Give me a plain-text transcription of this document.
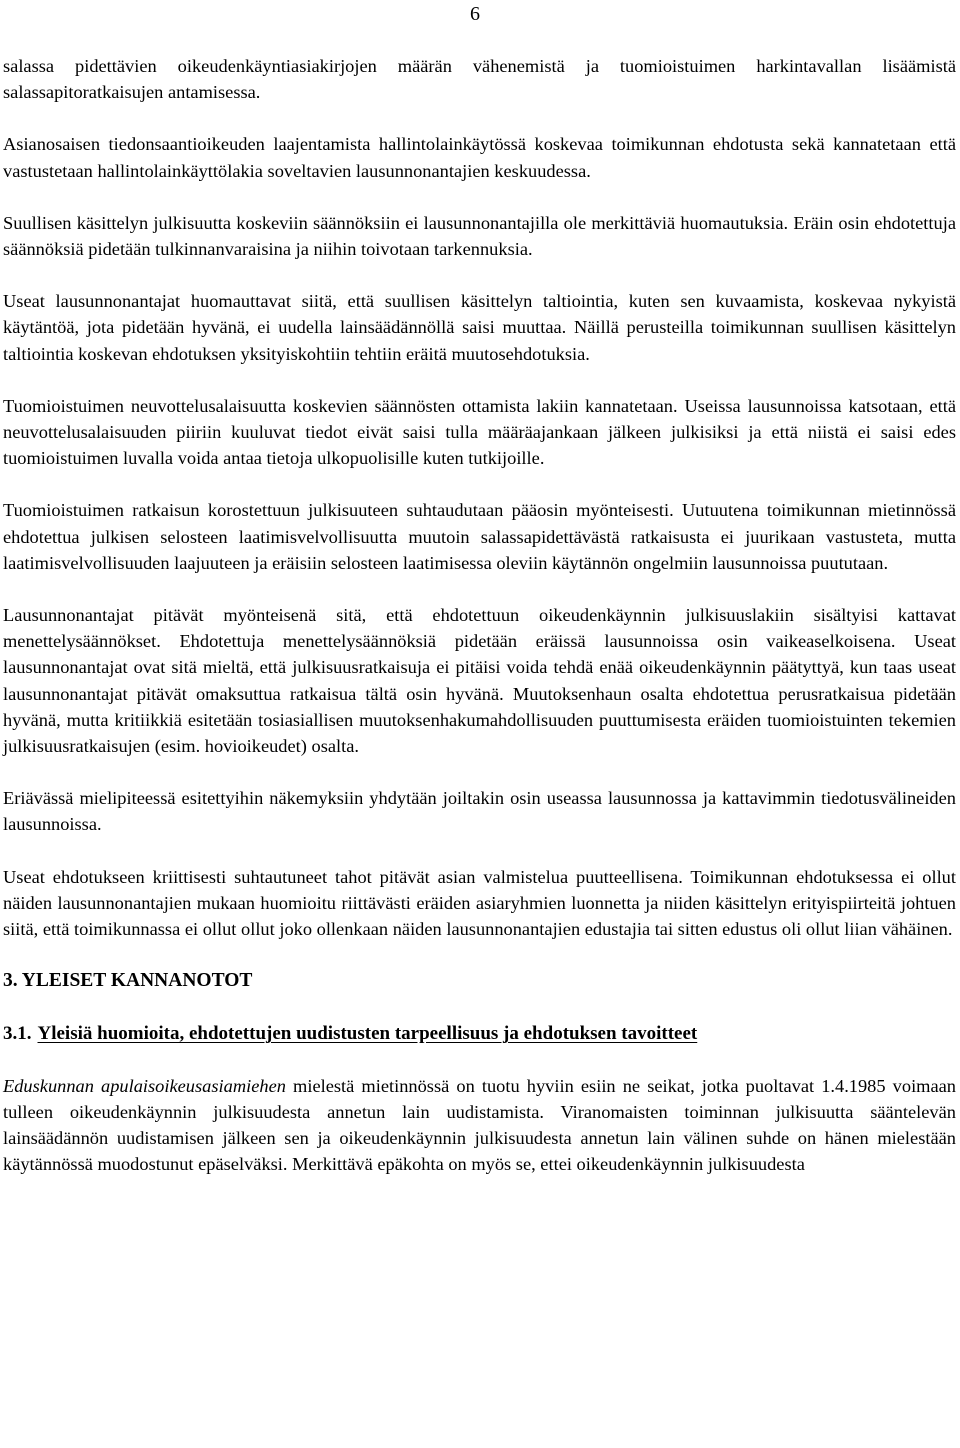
6

salassa pidettävien oikeudenkäyntiasiakirjojen määrän vähenemistä ja tuomioistuimen harkintavallan lisäämistä salassapitoratkaisujen antamisessa.

Asianosaisen tiedonsaantioikeuden laajentamista hallintolainkäytössä koskevaa toimikunnan ehdotusta sekä kannatetaan että vastustetaan hallintolainkäyttölakia soveltavien lausunnonantajien keskuudessa.

Suullisen käsittelyn julkisuutta koskeviin säännöksiin ei lausunnonantajilla ole merkittäviä huomautuksia. Eräin osin ehdotettuja säännöksiä pidetään tulkinnanvaraisina ja niihin toivotaan tarkennuksia.

Useat lausunnonantajat huomauttavat siitä, että suullisen käsittelyn taltiointia, kuten sen kuvaamista, koskevaa nykyistä käytäntöä, jota pidetään hyvänä, ei uudella lainsäädännöllä saisi muuttaa. Näillä perusteilla toimikunnan suullisen käsittelyn taltiointia koskevan ehdotuksen yksityiskohtiin tehtiin eräitä muutosehdotuksia.

Tuomioistuimen neuvottelusalaisuutta koskevien säännösten ottamista lakiin kannatetaan. Useissa lausunnoissa katsotaan, että neuvottelusalaisuuden piiriin kuuluvat tiedot eivät saisi tulla määräajankaan jälkeen julkisiksi ja että niistä ei saisi edes tuomioistuimen luvalla voida antaa tietoja ulkopuolisille kuten tutkijoille.

Tuomioistuimen ratkaisun korostettuun julkisuuteen suhtaudutaan pääosin myönteisesti. Uutuutena toimikunnan mietinnössä ehdotettua julkisen selosteen laatimisvelvollisuutta muutoin salassapidettävästä ratkaisusta ei juurikaan vastusteta, mutta laatimisvelvollisuuden laajuuteen ja eräisiin selosteen laatimisessa oleviin käytännön ongelmiin lausunnoissa puututaan.

Lausunnonantajat pitävät myönteisenä sitä, että ehdotettuun oikeudenkäynnin julkisuuslakiin sisältyisi kattavat menettelysäännökset. Ehdotettuja menettelysäännöksiä pidetään eräissä lausunnoissa osin vaikeaselkoisena. Useat lausunnonantajat ovat sitä mieltä, että julkisuusratkaisuja ei pitäisi voida tehdä enää oikeudenkäynnin päätyttyä, kun taas useat lausunnonantajat pitävät omaksuttua ratkaisua tältä osin hyvänä. Muutoksenhaun osalta ehdotettua perusratkaisua pidetään hyvänä, mutta kritiikkiä esitetään tosiasiallisen muutoksenhakumahdollisuuden puuttumisesta eräiden tuomioistuinten tekemien julkisuusratkaisujen (esim. hovioikeudet) osalta.

Eriävässä mielipiteessä esitettyihin näkemyksiin yhdytään joiltakin osin useassa lausunnossa ja kattavimmin tiedotusvälineiden lausunnoissa.

Useat ehdotukseen kriittisesti suhtautuneet tahot pitävät asian valmistelua puutteellisena. Toimikunnan ehdotuksessa ei ollut näiden lausunnonantajien mukaan huomioitu riittävästi eräiden asiaryhmien luonnetta ja niiden käsittelyn erityispiirteitä johtuen siitä, että toimikunnassa ei ollut ollut joko ollenkaan näiden lausunnonantajien edustajia tai sitten edustus oli ollut liian vähäinen.

3. YLEISET KANNANOTOT
3.1. Yleisiä huomioita, ehdotettujen uudistusten tarpeellisuus ja ehdotuksen tavoitteet

Eduskunnan apulaisoikeusasiamiehen mielestä mietinnössä on tuotu hyviin esiin ne seikat, jotka puoltavat 1.4.1985 voimaan tulleen oikeudenkäynnin julkisuudesta annetun lain uudistamista. Viranomaisten toiminnan julkisuutta sääntelevän lainsäädännön uudistamisen jälkeen sen ja oikeudenkäynnin julkisuudesta annetun lain välinen suhde on hänen mielestään käytännössä muodostunut epäselväksi. Merkittävä epäkohta on myös se, ettei oikeudenkäynnin julkisuudesta
